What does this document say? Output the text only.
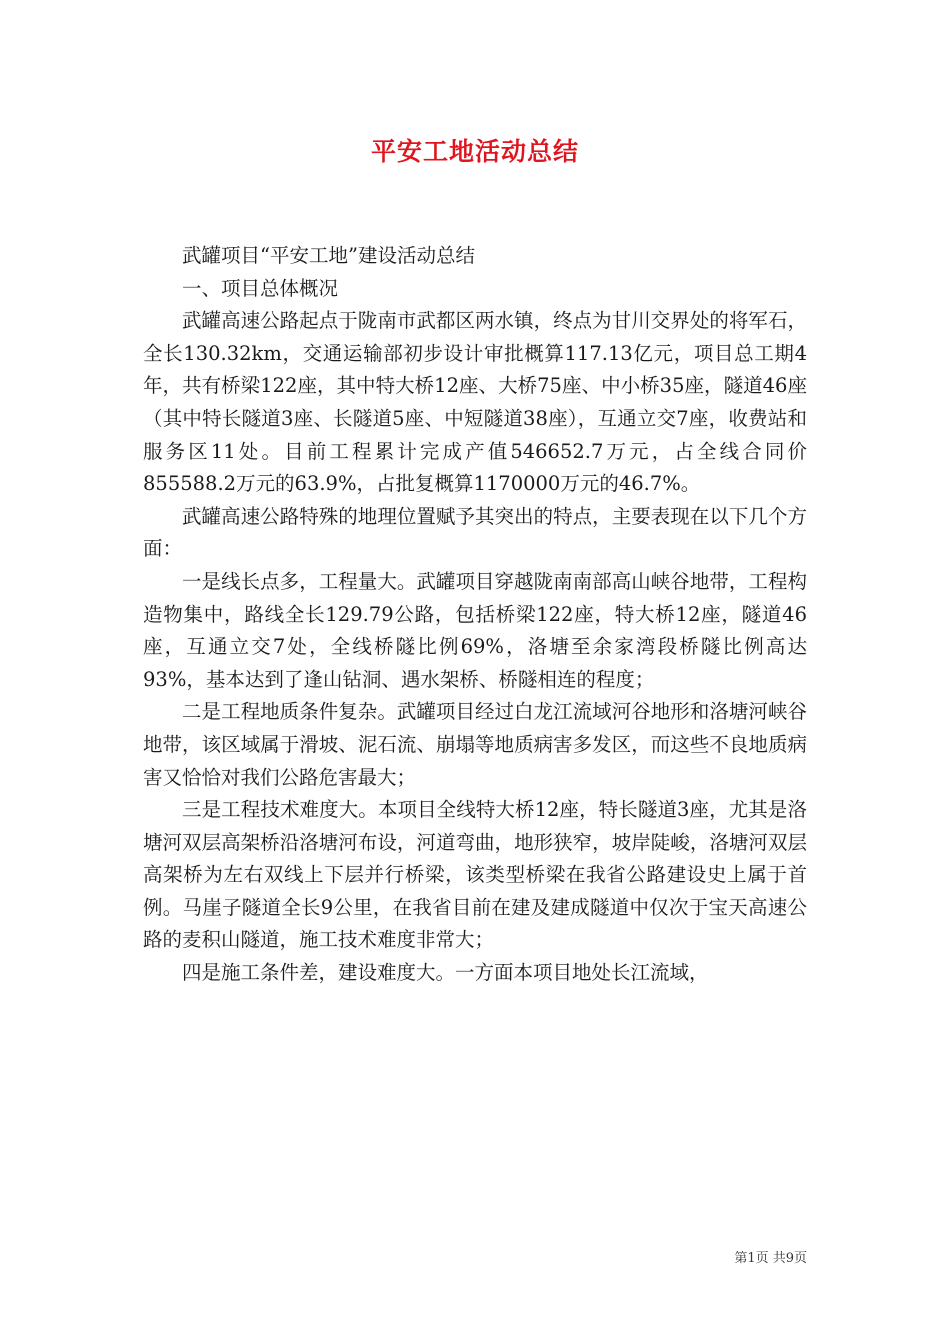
平安工地活动总结

武罐项目“平安工地”建设活动总结

一、项目总体概况

武罐高速公路起点于陇南市武都区两水镇，终点为甘川交界处的将军石，全长130.32km，交通运输部初步设计审批概算117.13亿元，项目总工期4年，共有桥梁122座，其中特大桥12座、大桥75座、中小桥35座，隧道46座（其中特长隧道3座、长隧道5座、中短隧道38座），互通立交7座，收费站和服务区11处。目前工程累计完成产值546652.7万元，占全线合同价855588.2万元的63.9%，占批复概算1170000万元的46.7%。

武罐高速公路特殊的地理位置赋予其突出的特点，主要表现在以下几个方面：

一是线长点多，工程量大。武罐项目穿越陇南南部高山峡谷地带，工程构造物集中，路线全长129.79公路，包括桥梁122座，特大桥12座，隧道46座，互通立交7处，全线桥隧比例69%，洛塘至余家湾段桥隧比例高达93%，基本达到了逢山钻洞、遇水架桥、桥隧相连的程度；

二是工程地质条件复杂。武罐项目经过白龙江流域河谷地形和洛塘河峡谷地带，该区域属于滑坡、泥石流、崩塌等地质病害多发区，而这些不良地质病害又恰恰对我们公路危害最大；

三是工程技术难度大。本项目全线特大桥12座，特长隧道3座，尤其是洛塘河双层高架桥沿洛塘河布设，河道弯曲，地形狭窄，坡岸陡峻，洛塘河双层高架桥为左右双线上下层并行桥梁，该类型桥梁在我省公路建设史上属于首例。马崖子隧道全长9公里，在我省目前在建及建成隧道中仅次于宝天高速公路的麦积山隧道，施工技术难度非常大；

四是施工条件差，建设难度大。一方面本项目地处长江流域，

第1页 共9页
